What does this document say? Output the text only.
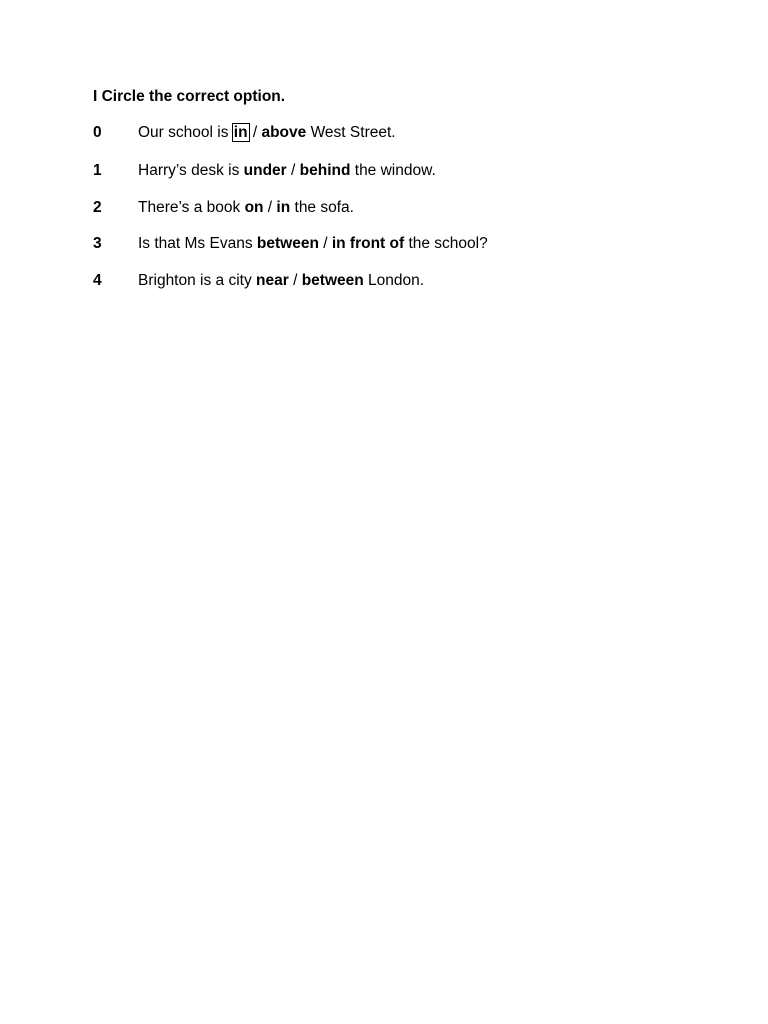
I Circle the correct option.
0 Our school is in / above West Street.
1 Harry’s desk is under / behind the window.
2 There’s a book on / in the sofa.
3 Is that Ms Evans between / in front of the school?
4 Brighton is a city near / between London.
